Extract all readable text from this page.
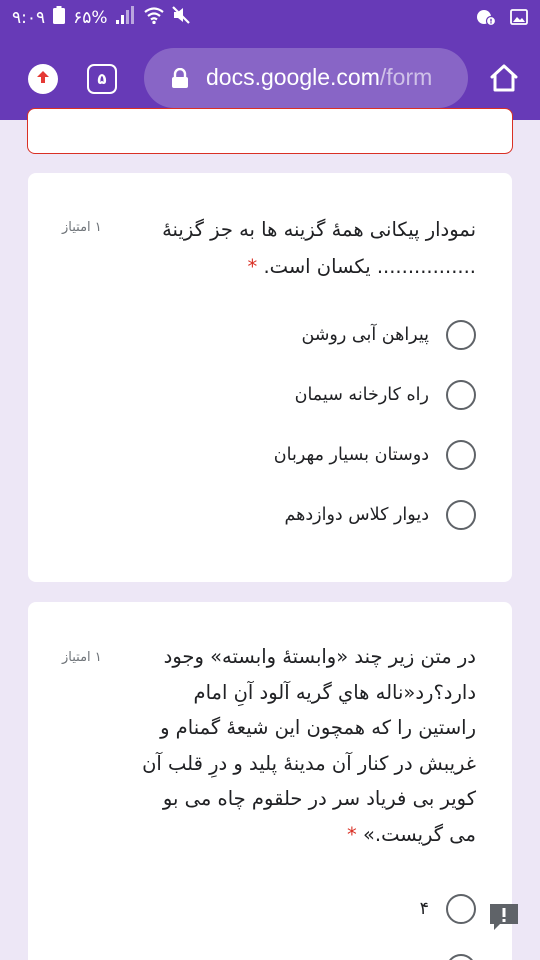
۹:۰۹ ۶۵%
۵	docs.google.com/form
نمودار پیکانی همهٔ گزینه ها به جز گزینهٔ ................ یکسان است. *
۱ امتیاز
پیراهن آبی روشن
راه کارخانه سیمان
دوستان بسیار مهربان
دیوار کلاس دوازدهم
در متن زیر چند «وابستهٔ وابسته» وجود دارد؟رد«ناله هاي گریه آلود آنِ امام راستین را که همچون این شیعهٔ گمنام و غریبش در کنار آن مدینهٔ پلید و درِ قلب آن کویر بی فریاد سر در حلقوم چاه می بو می گریست.» *
۱ امتیاز
۴
